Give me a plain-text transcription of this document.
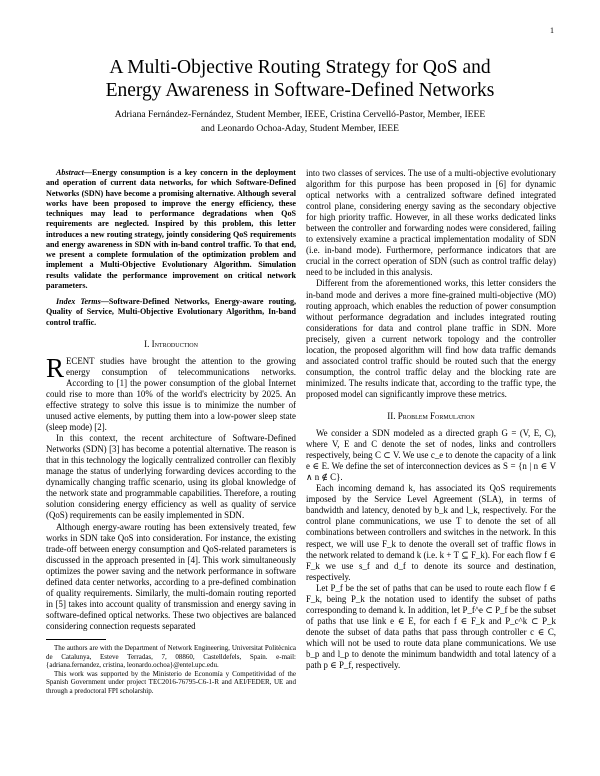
1
A Multi-Objective Routing Strategy for QoS and
Energy Awareness in Software-Defined Networks
Adriana Fernández-Fernández, Student Member, IEEE, Cristina Cervelló-Pastor, Member, IEEE
and Leonardo Ochoa-Aday, Student Member, IEEE

Abstract—Energy consumption is a key concern in the deployment and operation of current data networks, for which Software-Defined Networks (SDN) have become a promising alternative. Although several works have been proposed to improve the energy efficiency, these techniques may lead to performance degradations when QoS requirements are neglected. Inspired by this problem, this letter introduces a new routing strategy, jointly considering QoS requirements and energy awareness in SDN with in-band control traffic. To that end, we present a complete formulation of the optimization problem and implement a Multi-Objective Evolutionary Algorithm. Simulation results validate the performance improvement on critical network parameters.

Index Terms—Software-Defined Networks, Energy-aware routing, Quality of Service, Multi-Objective Evolutionary Algorithm, In-band control traffic.

I. Introduction

RECENT studies have brought the attention to the growing energy consumption of telecommunications networks. According to [1] the power consumption of the global Internet could rise to more than 10% of the world's electricity by 2025. An effective strategy to solve this issue is to minimize the number of unused active elements, by putting them into a low-power sleep state (sleep mode) [2].

In this context, the recent architecture of Software-Defined Networks (SDN) [3] has become a potential alternative. The reason is that in this technology the logically centralized controller can flexibly manage the status of underlying forwarding devices according to the dynamically changing traffic scenario, using its global knowledge of the network state and programmable capabilities. Therefore, a routing solution considering energy efficiency as well as quality of service (QoS) requirements can be easily implemented in SDN.

Although energy-aware routing has been extensively treated, few works in SDN take QoS into consideration. For instance, the existing trade-off between energy consumption and QoS-related parameters is discussed in the approach presented in [4]. This work simultaneously optimizes the power saving and the network performance in software defined data center networks, according to a pre-defined combination of quality requirements. Similarly, the multi-domain routing reported in [5] takes into account quality of transmission and energy saving in software-defined optical networks. These two objectives are balanced considering connection requests separated

The authors are with the Department of Network Engineering, Universitat Politècnica de Catalunya, Esteve Terradas, 7, 08860, Castelldefels, Spain. e-mail: {adriana.fernandez, cristina, leonardo.ochoa}@entel.upc.edu.

This work was supported by the Ministerio de Economía y Competitividad of the Spanish Government under project TEC2016-76795-C6-1-R and AEI/FEDER, UE and through a predoctoral FPI scholarship.

into two classes of services. The use of a multi-objective evolutionary algorithm for this purpose has been proposed in [6] for dynamic optical networks with a centralized software defined integrated control plane, considering energy saving as the secondary objective for high priority traffic. However, in all these works dedicated links between the controller and forwarding nodes were considered, failing to extensively examine a practical implementation modality of SDN (i.e. in-band mode). Furthermore, performance indicators that are crucial in the correct operation of SDN (such as control traffic delay) need to be included in this analysis.

Different from the aforementioned works, this letter considers the in-band mode and derives a more fine-grained multi-objective (MO) routing approach, which enables the reduction of power consumption without performance degradation and includes integrated routing considerations for data and control plane traffic in SDN. More precisely, given a current network topology and the controller location, the proposed algorithm will find how data traffic demands and associated control traffic should be routed such that the energy consumption, the control traffic delay and the blocking rate are minimized. The results indicate that, according to the traffic type, the proposed model can significantly improve these metrics.

II. Problem Formulation

We consider a SDN modeled as a directed graph G = (V, E, C), where V, E and C denote the set of nodes, links and controllers respectively, being C ⊂ V. We use c_e to denote the capacity of a link e ∈ E. We define the set of interconnection devices as S = {n | n ∈ V ∧ n ∉ C}.

Each incoming demand k, has associated its QoS requirements imposed by the Service Level Agreement (SLA), in terms of bandwidth and latency, denoted by b_k and l_k, respectively. For the control plane communications, we use T to denote the set of all combinations between controllers and switches in the network. In this respect, we will use F_k to denote the overall set of traffic flows in the network related to demand k (i.e. k + T ⊆ F_k). For each flow f ∈ F_k we use s_f and d_f to denote its source and destination, respectively.

Let P_f be the set of paths that can be used to route each flow f ∈ F_k, being P_k the notation used to identify the subset of paths corresponding to demand k. In addition, let P_f^e ⊂ P_f be the subset of paths that use link e ∈ E, for each f ∈ F_k and P_c^k ⊂ P_k denote the subset of data paths that pass through controller c ∈ C, which will not be used to route data plane communications. We use b_p and l_p to denote the minimum bandwidth and total latency of a path p ∈ P_f, respectively.
